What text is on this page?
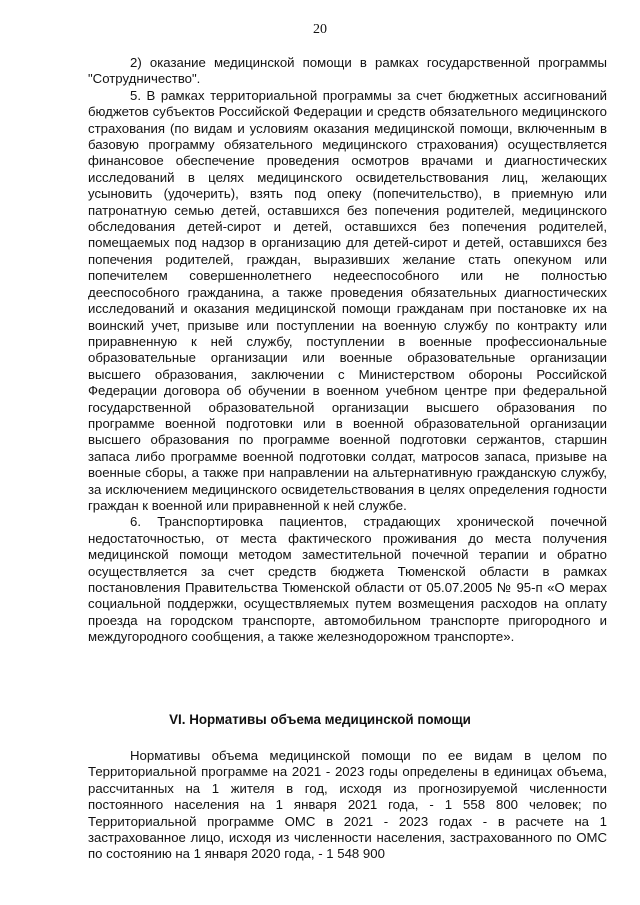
20

2) оказание медицинской помощи в рамках государственной программы "Сотрудничество".

5. В рамках территориальной программы за счет бюджетных ассигнований бюджетов субъектов Российской Федерации и средств обязательного медицинского страхования (по видам и условиям оказания медицинской помощи, включенным в базовую программу обязательного медицинского страхования) осуществляется финансовое обеспечение проведения осмотров врачами и диагностических исследований в целях медицинского освидетельствования лиц, желающих усыновить (удочерить), взять под опеку (попечительство), в приемную или патронатную семью детей, оставшихся без попечения родителей, медицинского обследования детей-сирот и детей, оставшихся без попечения родителей, помещаемых под надзор в организацию для детей-сирот и детей, оставшихся без попечения родителей, граждан, выразивших желание стать опекуном или попечителем совершеннолетнего недееспособного или не полностью дееспособного гражданина, а также проведения обязательных диагностических исследований и оказания медицинской помощи гражданам при постановке их на воинский учет, призыве или поступлении на военную службу по контракту или приравненную к ней службу, поступлении в военные профессиональные образовательные организации или военные образовательные организации высшего образования, заключении с Министерством обороны Российской Федерации договора об обучении в военном учебном центре при федеральной государственной образовательной организации высшего образования по программе военной подготовки или в военной образовательной организации высшего образования по программе военной подготовки сержантов, старшин запаса либо программе военной подготовки солдат, матросов запаса, призыве на военные сборы, а также при направлении на альтернативную гражданскую службу, за исключением медицинского освидетельствования в целях определения годности граждан к военной или приравненной к ней службе.

6. Транспортировка пациентов, страдающих хронической почечной недостаточностью, от места фактического проживания до места получения медицинской помощи методом заместительной почечной терапии и обратно осуществляется за счет средств бюджета Тюменской области в рамках постановления Правительства Тюменской области от 05.07.2005 № 95-п «О мерах социальной поддержки, осуществляемых путем возмещения расходов на оплату проезда на городском транспорте, автомобильном транспорте пригородного и междугородного сообщения, а также железнодорожном транспорте».

VI. Нормативы объема медицинской помощи

Нормативы объема медицинской помощи по ее видам в целом по Территориальной программе на 2021 - 2023 годы определены в единицах объема, рассчитанных на 1 жителя в год, исходя из прогнозируемой численности постоянного населения на 1 января 2021 года, - 1 558 800 человек; по Территориальной программе ОМС в 2021 - 2023 годах - в расчете на 1 застрахованное лицо, исходя из численности населения, застрахованного по ОМС по состоянию на 1 января 2020 года, - 1 548 900
